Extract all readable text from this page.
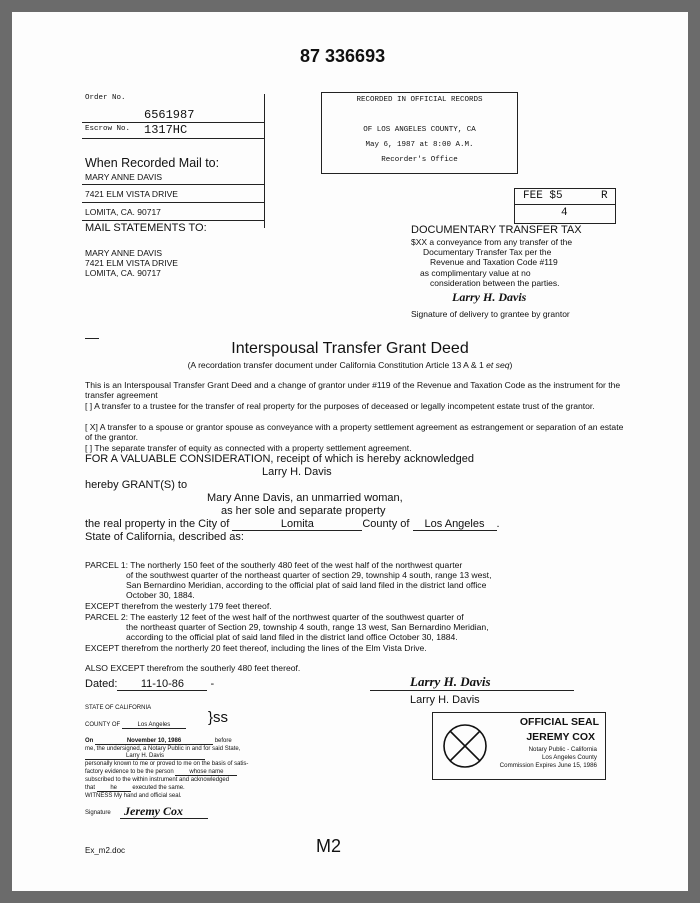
87 336693
Order No.
6561987
Escrow No. 1317HC
When Recorded Mail to:
MARY ANNE DAVIS
7421 ELM VISTA DRIVE
LOMITA, CA. 90717
RECORDED IN OFFICIAL RECORDS
OF LOS ANGELES COUNTY, CA
May 6, 1987 at 8:00 A.M.
Recorder's Office
FEE $5	R
4
MAIL STATEMENTS TO:
MARY ANNE DAVIS
7421 ELM VISTA DRIVE
LOMITA, CA. 90717
DOCUMENTARY TRANSFER TAX
$XX a conveyance from any transfer of the
Documentary Transfer Tax per the
Revenue and Taxation Code #119
as complimentary value at no
consideration between the parties.
Larry H. Davis
Signature of delivery to grantee by grantor
Interspousal Transfer Grant Deed
(A recordation transfer document under California Constitution Article 13 A & 1 et seq)
This is an Interspousal Transfer Grant Deed and a change of grantor under #119 of the Revenue and Taxation Code as the instrument for the transfer agreement
[ ] A transfer to a trustee for the transfer of real property for the purposes of deceased or legally incompetent estate trust of the grantor.
[ X] A transfer to a spouse or grantor spouse as conveyance with a property settlement agreement as estrangement or separation of an estate of the grantor.
[ ] The separate transfer of equity as connected with a property settlement agreement.
FOR A VALUABLE CONSIDERATION, receipt of which is hereby acknowledged
Larry H. Davis
hereby GRANT(S) to
Mary Anne Davis, an unmarried woman,
as her sole and separate property
the real property in the City of	Lomita	County of Los Angeles .
State of California, described as:
PARCEL 1: The northerly 150 feet of the southerly 480 feet of the west half of the northwest quarter
of the southwest quarter of the northeast quarter of section 29, township 4 south, range 13 west,
San Bernardino Meridian, according to the official plat of said land filed in the district land office
October 30, 1884.
EXCEPT therefrom the westerly 179 feet thereof.
PARCEL 2: The easterly 12 feet of the west half of the northwest quarter of the southwest quarter of
the northeast quarter of Section 29, township 4 south, range 13 west, San Bernardino Meridian,
according to the official plat of said land filed in the district land office October 30, 1884.
EXCEPT therefrom the northerly 20 feet thereof, including the lines of the Elm Vista Drive.
ALSO EXCEPT therefrom the southerly 480 feet thereof.
Dated: 11-10-86 -	Larry H. Davis
Larry H. Davis
STATE OF CALIFORNIA
COUNTY OF	Los Angeles	}ss
On	November 10, 1986	before
me, the undersigned, a Notary Public in and for said State,
Larry H. Davis
personally known to me or proved to me on the basis of satis-
factory evidence to be the person	whose name
subscribed to the within instrument and acknowledged
that	he	executed the same.
WITNESS My hand and official seal.
Signature Jeremy Cox
OFFICIAL SEAL
JEREMY COX
Notary Public - California
Los Angeles County
Commission Expires June 15, 1986
Ex_m2.doc	M2
